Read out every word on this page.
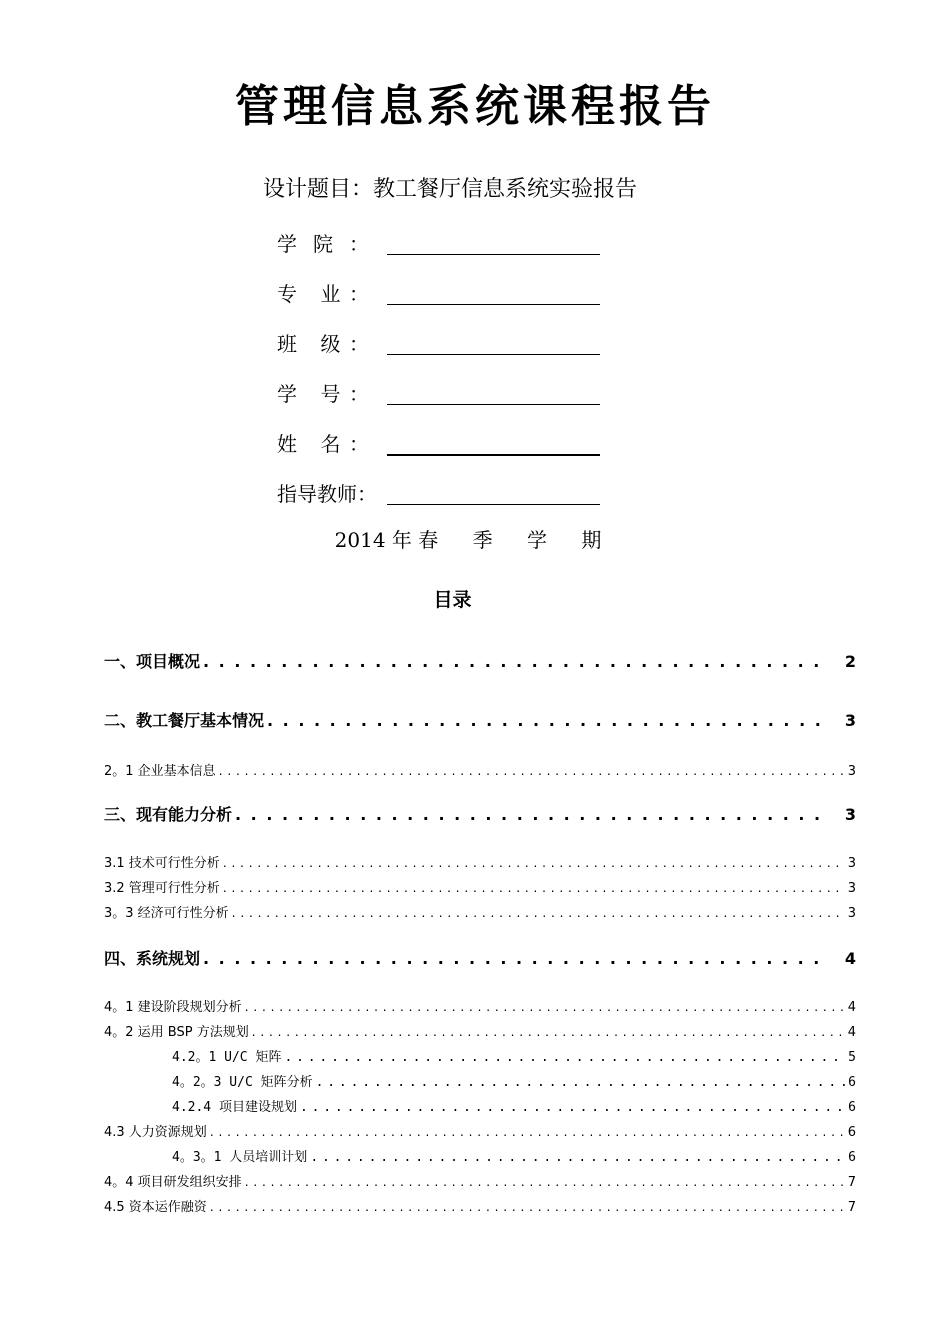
管理信息系统课程报告
设计题目：教工餐厅信息系统实验报告
学院：
专 业：
班 级：
学 号：
姓 名：
指导教师：
2014 年 春 季 学 期
目录
一、项目概况 . . .	2
二、教工餐厅基本情况 . . .	3
2。1 企业基本信息 . . .	3
三、现有能力分析 . . .	3
3.1 技术可行性分析 . . .	3
3.2 管理可行性分析 . . .	3
3。3 经济可行性分析 . . .	3
四、系统规划 . . .	4
4。1 建设阶段规划分析 . . .	4
4。2 运用 BSP 方法规划 . . .	4
4.2。1 U/C 矩阵 . . .	5
4。2。3 U/C 矩阵分析 . . .	6
4.2.4 项目建设规划 . . .	6
4.3 人力资源规划 . . .	6
4。3。1 人员培训计划 . . .	6
4。4 项目研发组织安排 . . .	7
4.5 资本运作融资 . . .	7
